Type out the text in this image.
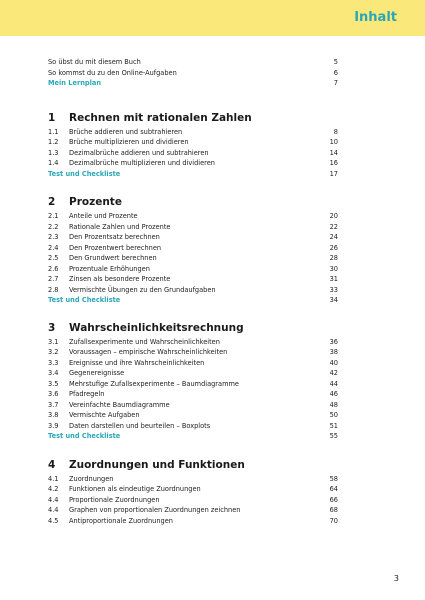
Inhalt
So übst du mit diesem Buch	5
So kommst du zu den Online-Aufgaben	6
Mein Lernplan	7
1 Rechnen mit rationalen Zahlen
1.1 Brüche addieren und subtrahieren	8
1.2 Brüche multiplizieren und dividieren	10
1.3 Dezimalbrüche addieren und subtrahieren	14
1.4 Dezimalbrüche multiplizieren und dividieren	16
Test und Checkliste	17
2 Prozente
2.1 Anteile und Prozente	20
2.2 Rationale Zahlen und Prozente	22
2.3 Den Prozentsatz berechnen	24
2.4 Den Prozentwert berechnen	26
2.5 Den Grundwert berechnen	28
2.6 Prozentuale Erhöhungen	30
2.7 Zinsen als besondere Prozente	31
2.8 Vermischte Übungen zu den Grundaufgaben	33
Test und Checkliste	34
3 Wahrscheinlichkeitsrechnung
3.1 Zufallsexperimente und Wahrscheinlichkeiten	36
3.2 Voraussagen – empirische Wahrscheinlichkeiten	38
3.3 Ereignisse und ihre Wahrscheinlichkeiten	40
3.4 Gegenereignisse	42
3.5 Mehrstufige Zufallsexperimente – Baumdiagramme	44
3.6 Pfadregeln	46
3.7 Vereinfachte Baumdiagramme	48
3.8 Vermischte Aufgaben	50
3.9 Daten darstellen und beurteilen – Boxplots	51
Test und Checkliste	55
4 Zuordnungen und Funktionen
4.1 Zuordnungen	58
4.2 Funktionen als eindeutige Zuordnungen	64
4.4 Proportionale Zuordnungen	66
4.4 Graphen von proportionalen Zuordnungen zeichnen	68
4.5 Antiproportionale Zuordnungen	70
3
